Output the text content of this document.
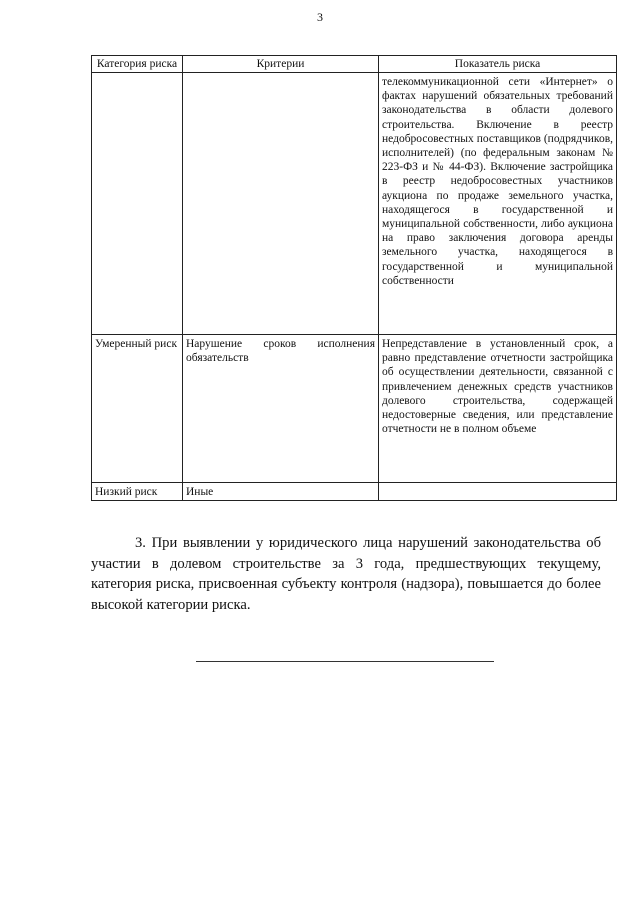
3
Категория риска	Критерии	Показатель риска
		телекоммуникационной сети «Интернет» о фактах нарушений обязательных требований законодательства в области долевого строительства. Включение в реестр недобросовестных поставщиков (подрядчиков, исполнителей) (по федеральным законам № 223-ФЗ и № 44-ФЗ). Включение застройщика в реестр недобросовестных участников аукциона по продаже земельного участка, находящегося в государственной и муниципальной собственности, либо аукциона на право заключения договора аренды земельного участка, находящегося в государственной и муниципальной собственности
Умеренный риск	Нарушение сроков исполнения обязательств	Непредставление в установленный срок, а равно представление отчетности застройщика об осуществлении деятельности, связанной с привлечением денежных средств участников долевого строительства, содержащей недостоверные сведения, или представление отчетности не в полном объеме
Низкий риск	Иные	
3. При выявлении у юридического лица нарушений законодательства об участии в долевом строительстве за 3 года, предшествующих текущему, категория риска, присвоенная субъекту контроля (надзора), повышается до более высокой категории риска.
